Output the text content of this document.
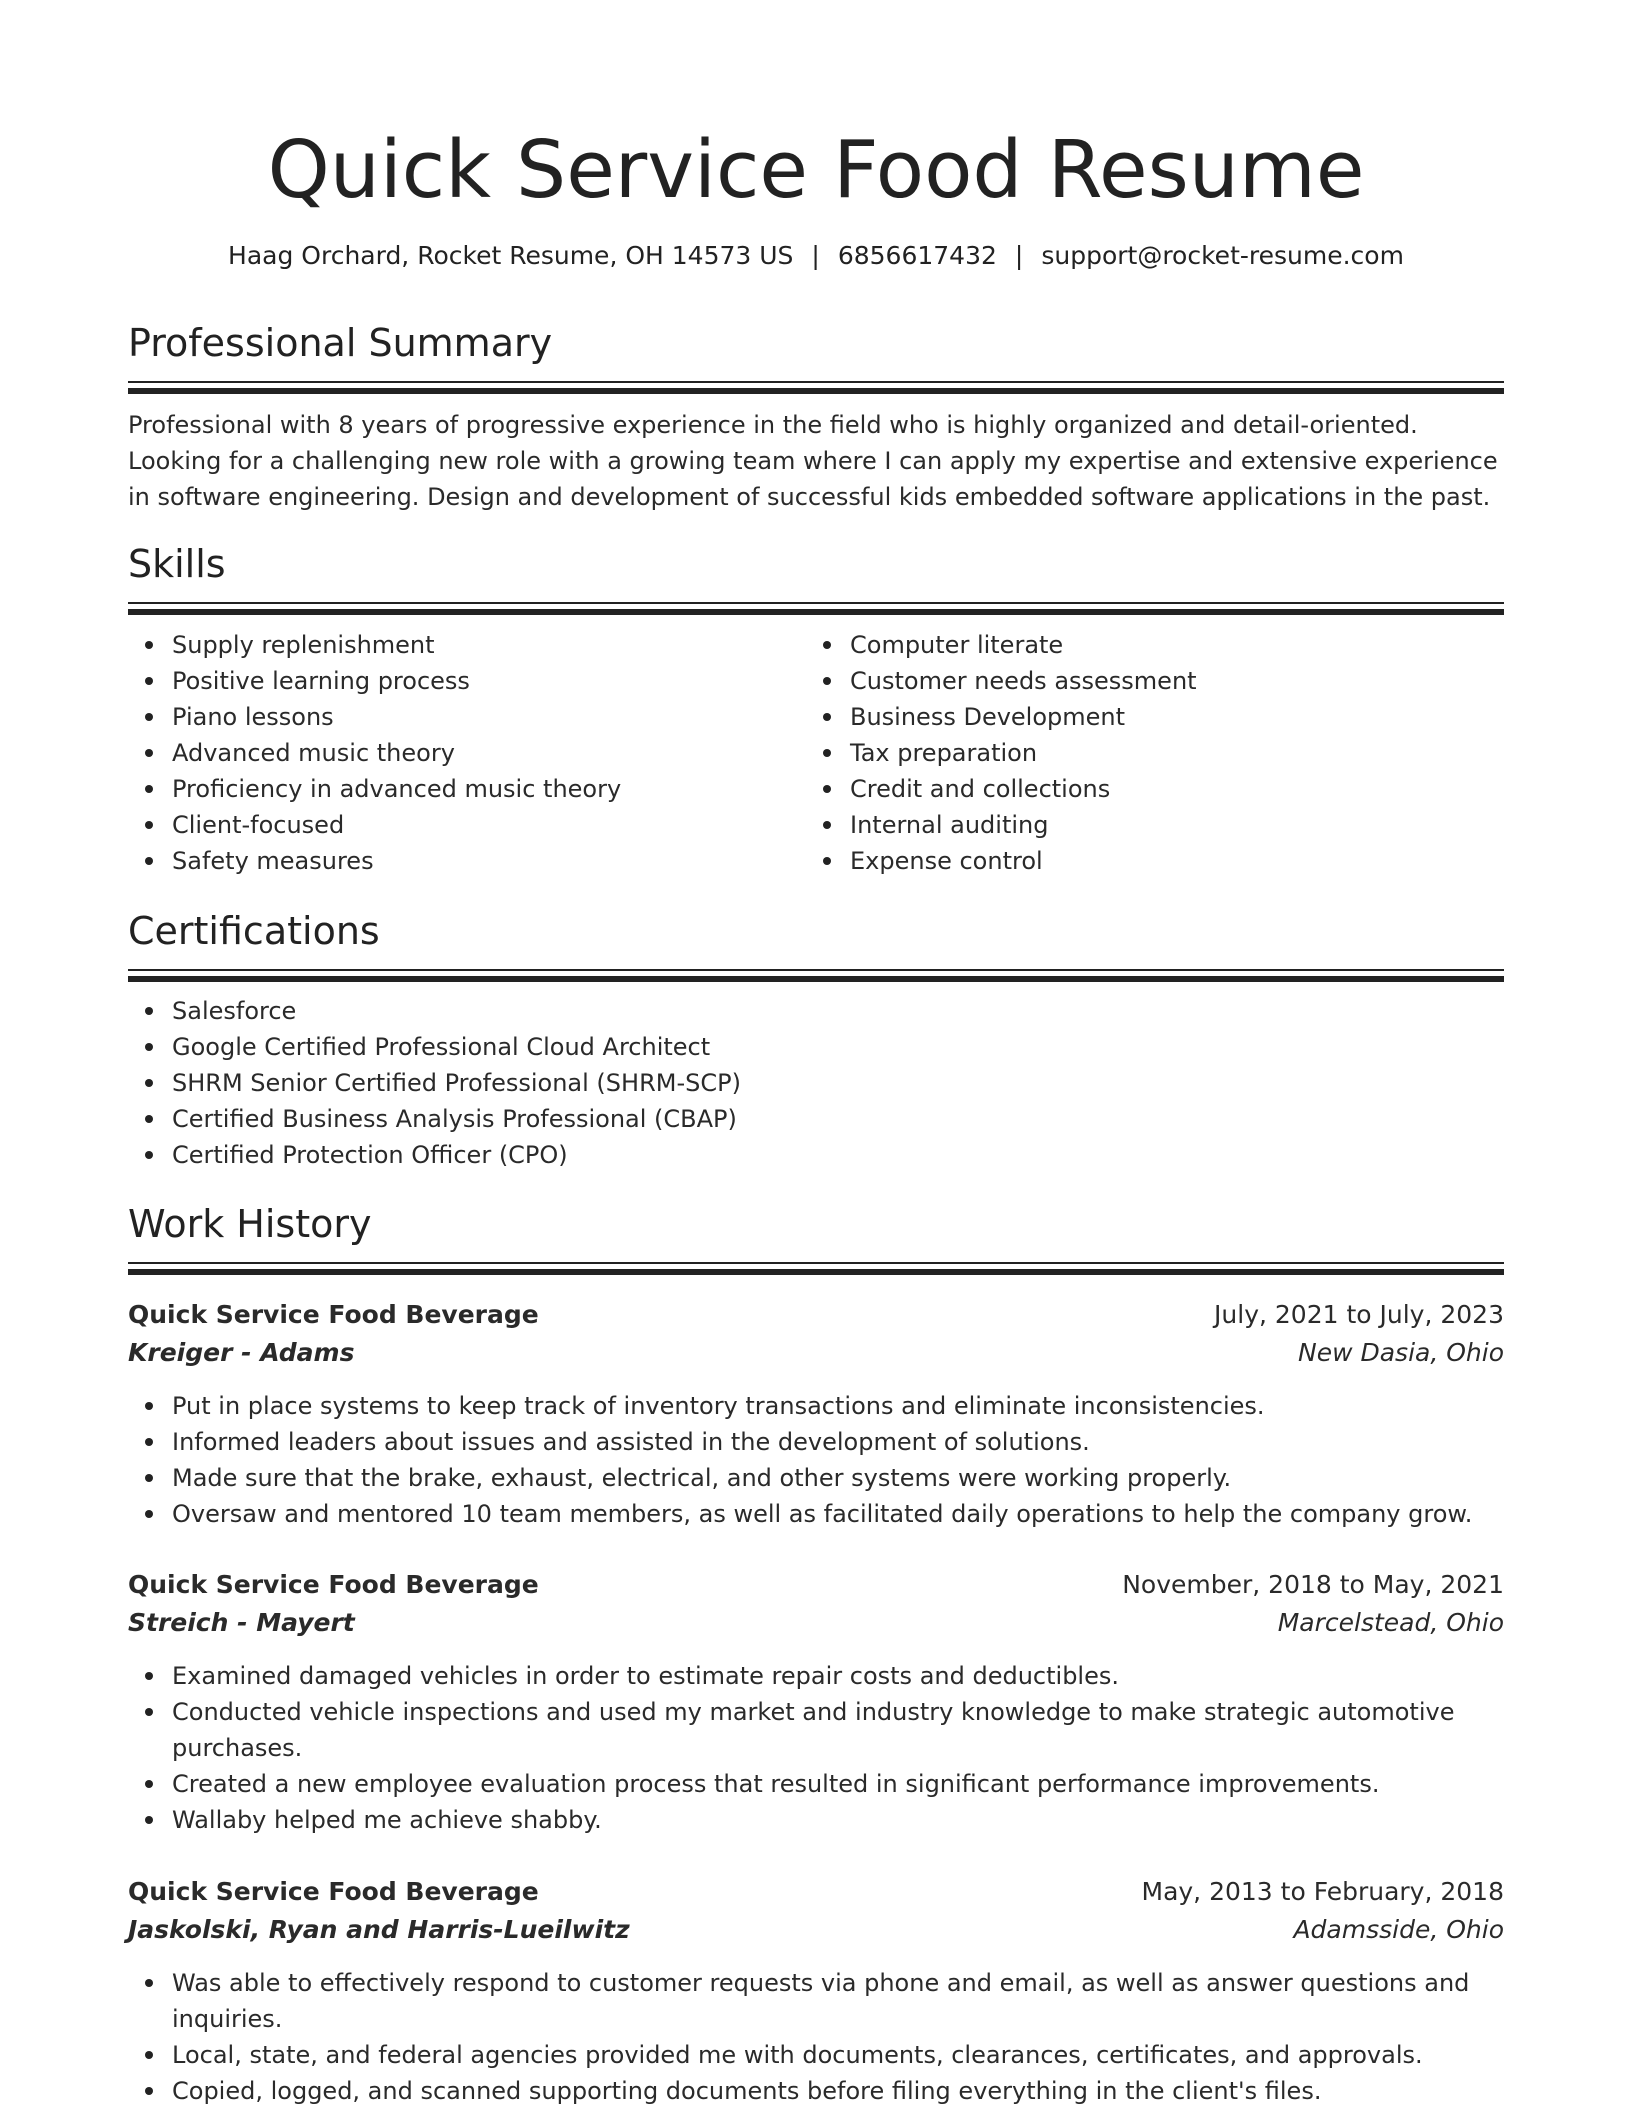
Quick Service Food Resume
Haag Orchard, Rocket Resume, OH 14573 US | 6856617432 | support@rocket-resume.com
Professional Summary

Professional with 8 years of progressive experience in the field who is highly organized and detail-oriented. Looking for a challenging new role with a growing team where I can apply my expertise and extensive experience in software engineering. Design and development of successful kids embedded software applications in the past.

Skills
Supply replenishment
Positive learning process
Piano lessons
Advanced music theory
Proficiency in advanced music theory
Client-focused
Safety measures
Computer literate
Customer needs assessment
Business Development
Tax preparation
Credit and collections
Internal auditing
Expense control
Certifications
Salesforce
Google Certified Professional Cloud Architect
SHRM Senior Certified Professional (SHRM-SCP)
Certified Business Analysis Professional (CBAP)
Certified Protection Officer (CPO)
Work History
Quick Service Food Beverage	July, 2021 to July, 2023
Kreiger - Adams	New Dasia, Ohio
Put in place systems to keep track of inventory transactions and eliminate inconsistencies.
Informed leaders about issues and assisted in the development of solutions.
Made sure that the brake, exhaust, electrical, and other systems were working properly.
Oversaw and mentored 10 team members, as well as facilitated daily operations to help the company grow.
Quick Service Food Beverage	November, 2018 to May, 2021
Streich - Mayert	Marcelstead, Ohio
Examined damaged vehicles in order to estimate repair costs and deductibles.
Conducted vehicle inspections and used my market and industry knowledge to make strategic automotive purchases.
Created a new employee evaluation process that resulted in significant performance improvements.
Wallaby helped me achieve shabby.
Quick Service Food Beverage	May, 2013 to February, 2018
Jaskolski, Ryan and Harris-Lueilwitz	Adamsside, Ohio
Was able to effectively respond to customer requests via phone and email, as well as answer questions and inquiries.
Local, state, and federal agencies provided me with documents, clearances, certificates, and approvals.
Copied, logged, and scanned supporting documents before filing everything in the client's files.
